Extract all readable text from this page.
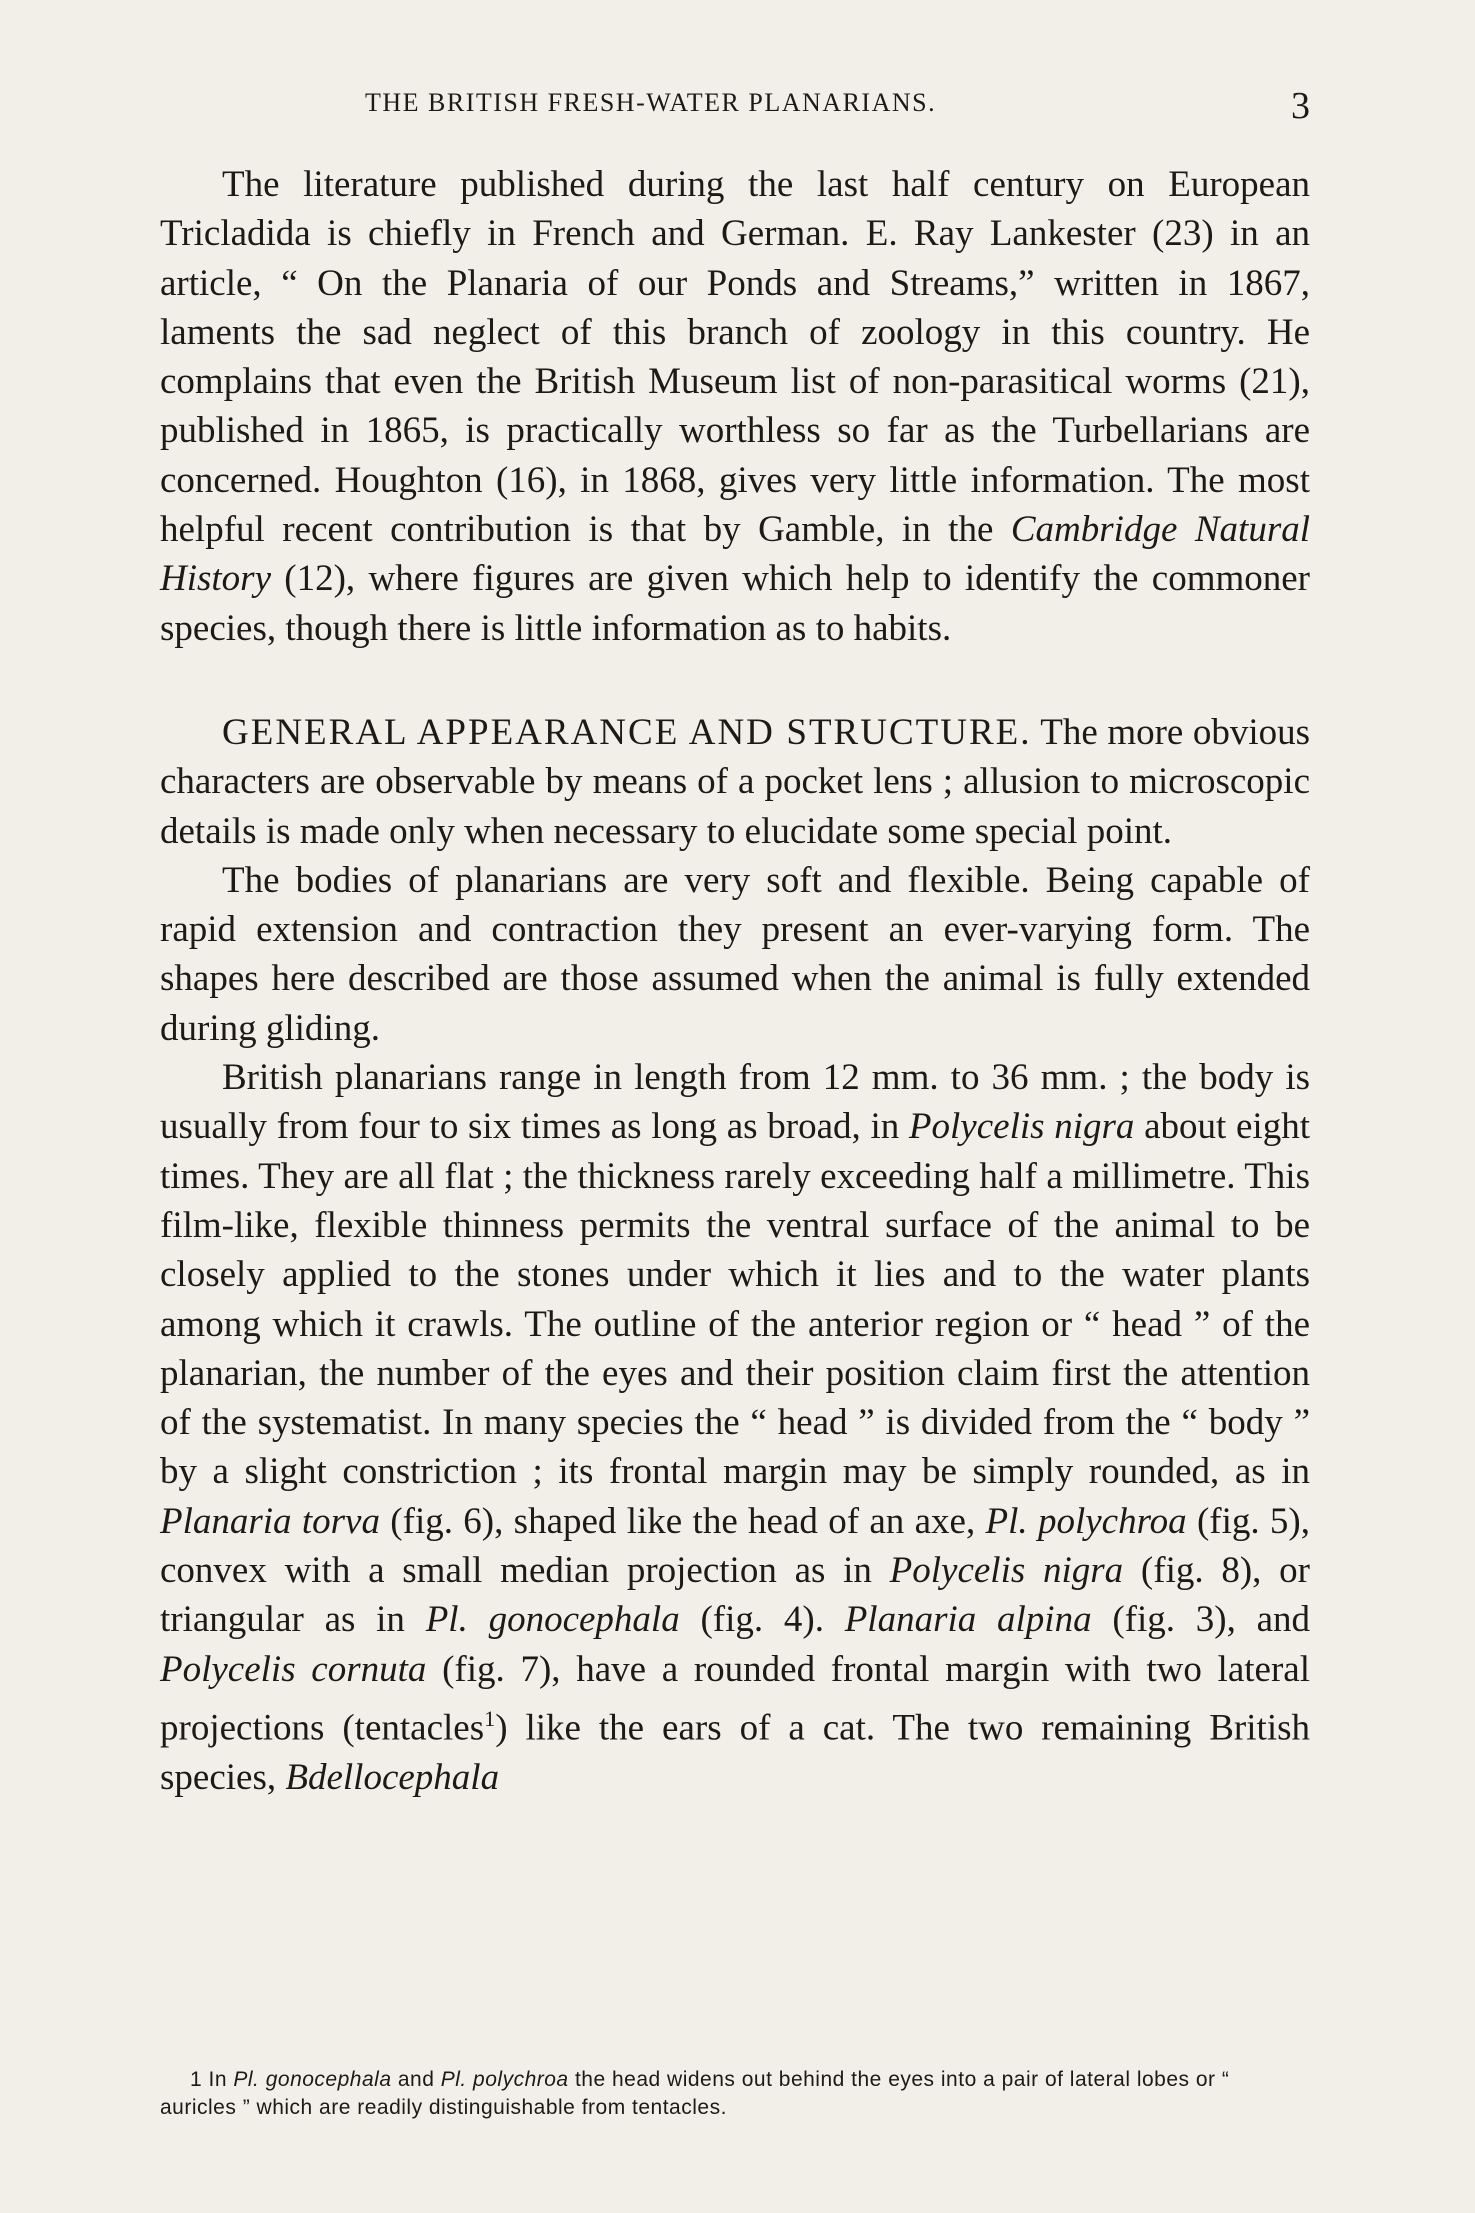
THE BRITISH FRESH-WATER PLANARIANS.	3

The literature published during the last half century on European Tricladida is chiefly in French and German. E. Ray Lankester (23) in an article, “ On the Planaria of our Ponds and Streams,” written in 1867, laments the sad neglect of this branch of zoology in this country. He complains that even the British Museum list of non-parasitical worms (21), published in 1865, is practically worthless so far as the Turbellarians are concerned. Houghton (16), in 1868, gives very little information. The most helpful recent contribution is that by Gamble, in the Cambridge Natural History (12), where figures are given which help to identify the commoner species, though there is little information as to habits.

GENERAL APPEARANCE AND STRUCTURE. The more obvious characters are observable by means of a pocket lens ; allusion to microscopic details is made only when necessary to elucidate some special point.

The bodies of planarians are very soft and flexible. Being capable of rapid extension and contraction they present an ever-varying form. The shapes here described are those assumed when the animal is fully extended during gliding.

British planarians range in length from 12 mm. to 36 mm. ; the body is usually from four to six times as long as broad, in Polycelis nigra about eight times. They are all flat ; the thickness rarely exceeding half a millimetre. This film-like, flexible thinness permits the ventral surface of the animal to be closely applied to the stones under which it lies and to the water plants among which it crawls. The outline of the anterior region or “ head ” of the planarian, the number of the eyes and their position claim first the attention of the systematist. In many species the “ head ” is divided from the “ body ” by a slight constriction ; its frontal margin may be simply rounded, as in Planaria torva (fig. 6), shaped like the head of an axe, Pl. polychroa (fig. 5), convex with a small median projection as in Polycelis nigra (fig. 8), or triangular as in Pl. gonocephala (fig. 4). Planaria alpina (fig. 3), and Polycelis cornuta (fig. 7), have a rounded frontal margin with two lateral projections (tentacles$^1$) like the ears of a cat. The two remaining British species, Bdellocephala

1 In Pl. gonocephala and Pl. polychroa the head widens out behind the eyes into a pair of lateral lobes or “ auricles ” which are readily distinguishable from tentacles.
